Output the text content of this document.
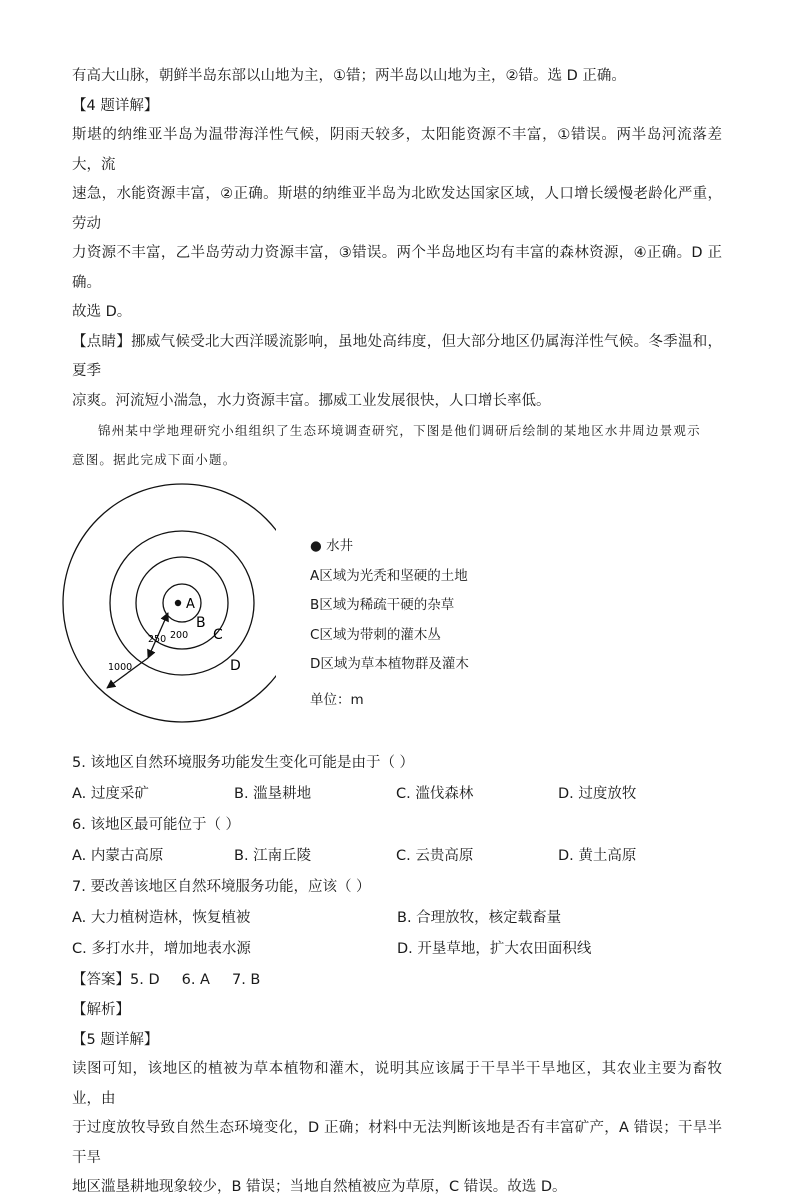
有高大山脉，朝鲜半岛东部以山地为主，①错；两半岛以山地为主，②错。选 D 正确。

【4 题详解】

斯堪的纳维亚半岛为温带海洋性气候，阴雨天较多，太阳能资源不丰富，①错误。两半岛河流落差大，流

速急，水能资源丰富，②正确。斯堪的纳维亚半岛为北欧发达国家区域，人口增长缓慢老龄化严重，劳动

力资源不丰富，乙半岛劳动力资源丰富，③错误。两个半岛地区均有丰富的森林资源，④正确。D 正确。

故选 D。

【点睛】挪威气候受北大西洋暖流影响，虽地处高纬度，但大部分地区仍属海洋性气候。冬季温和，夏季

凉爽。河流短小湍急，水力资源丰富。挪威工业发展很快，人口增长率低。

锦州某中学地理研究小组组织了生态环境调查研究，下图是他们调研后绘制的某地区水井周边景观示

意图。据此完成下面小题。

A
B
C
D
200
250
1000
● 水井
A区域为光秃和坚硬的土地
B区域为稀疏干硬的杂草
C区域为带刺的灌木丛
D区域为草本植物群及灌木
单位：m
5. 该地区自然环境服务功能发生变化可能是由于（ ）
A. 过度采矿	B. 滥垦耕地	C. 滥伐森林	D. 过度放牧
6. 该地区最可能位于（ ）
A. 内蒙古高原	B. 江南丘陵	C. 云贵高原	D. 黄土高原
7. 要改善该地区自然环境服务功能，应该（ ）
A. 大力植树造林，恢复植被	B. 合理放牧，核定载畜量
C. 多打水井，增加地表水源	D. 开垦草地，扩大农田面积线
【答案】5. D 6. A 7. B

【解析】

【5 题详解】

读图可知，该地区的植被为草本植物和灌木，说明其应该属于干旱半干旱地区，其农业主要为畜牧业，由

于过度放牧导致自然生态环境变化，D 正确；材料中无法判断该地是否有丰富矿产，A 错误；干旱半干旱

地区滥垦耕地现象较少，B 错误；当地自然植被应为草原，C 错误。故选 D。
